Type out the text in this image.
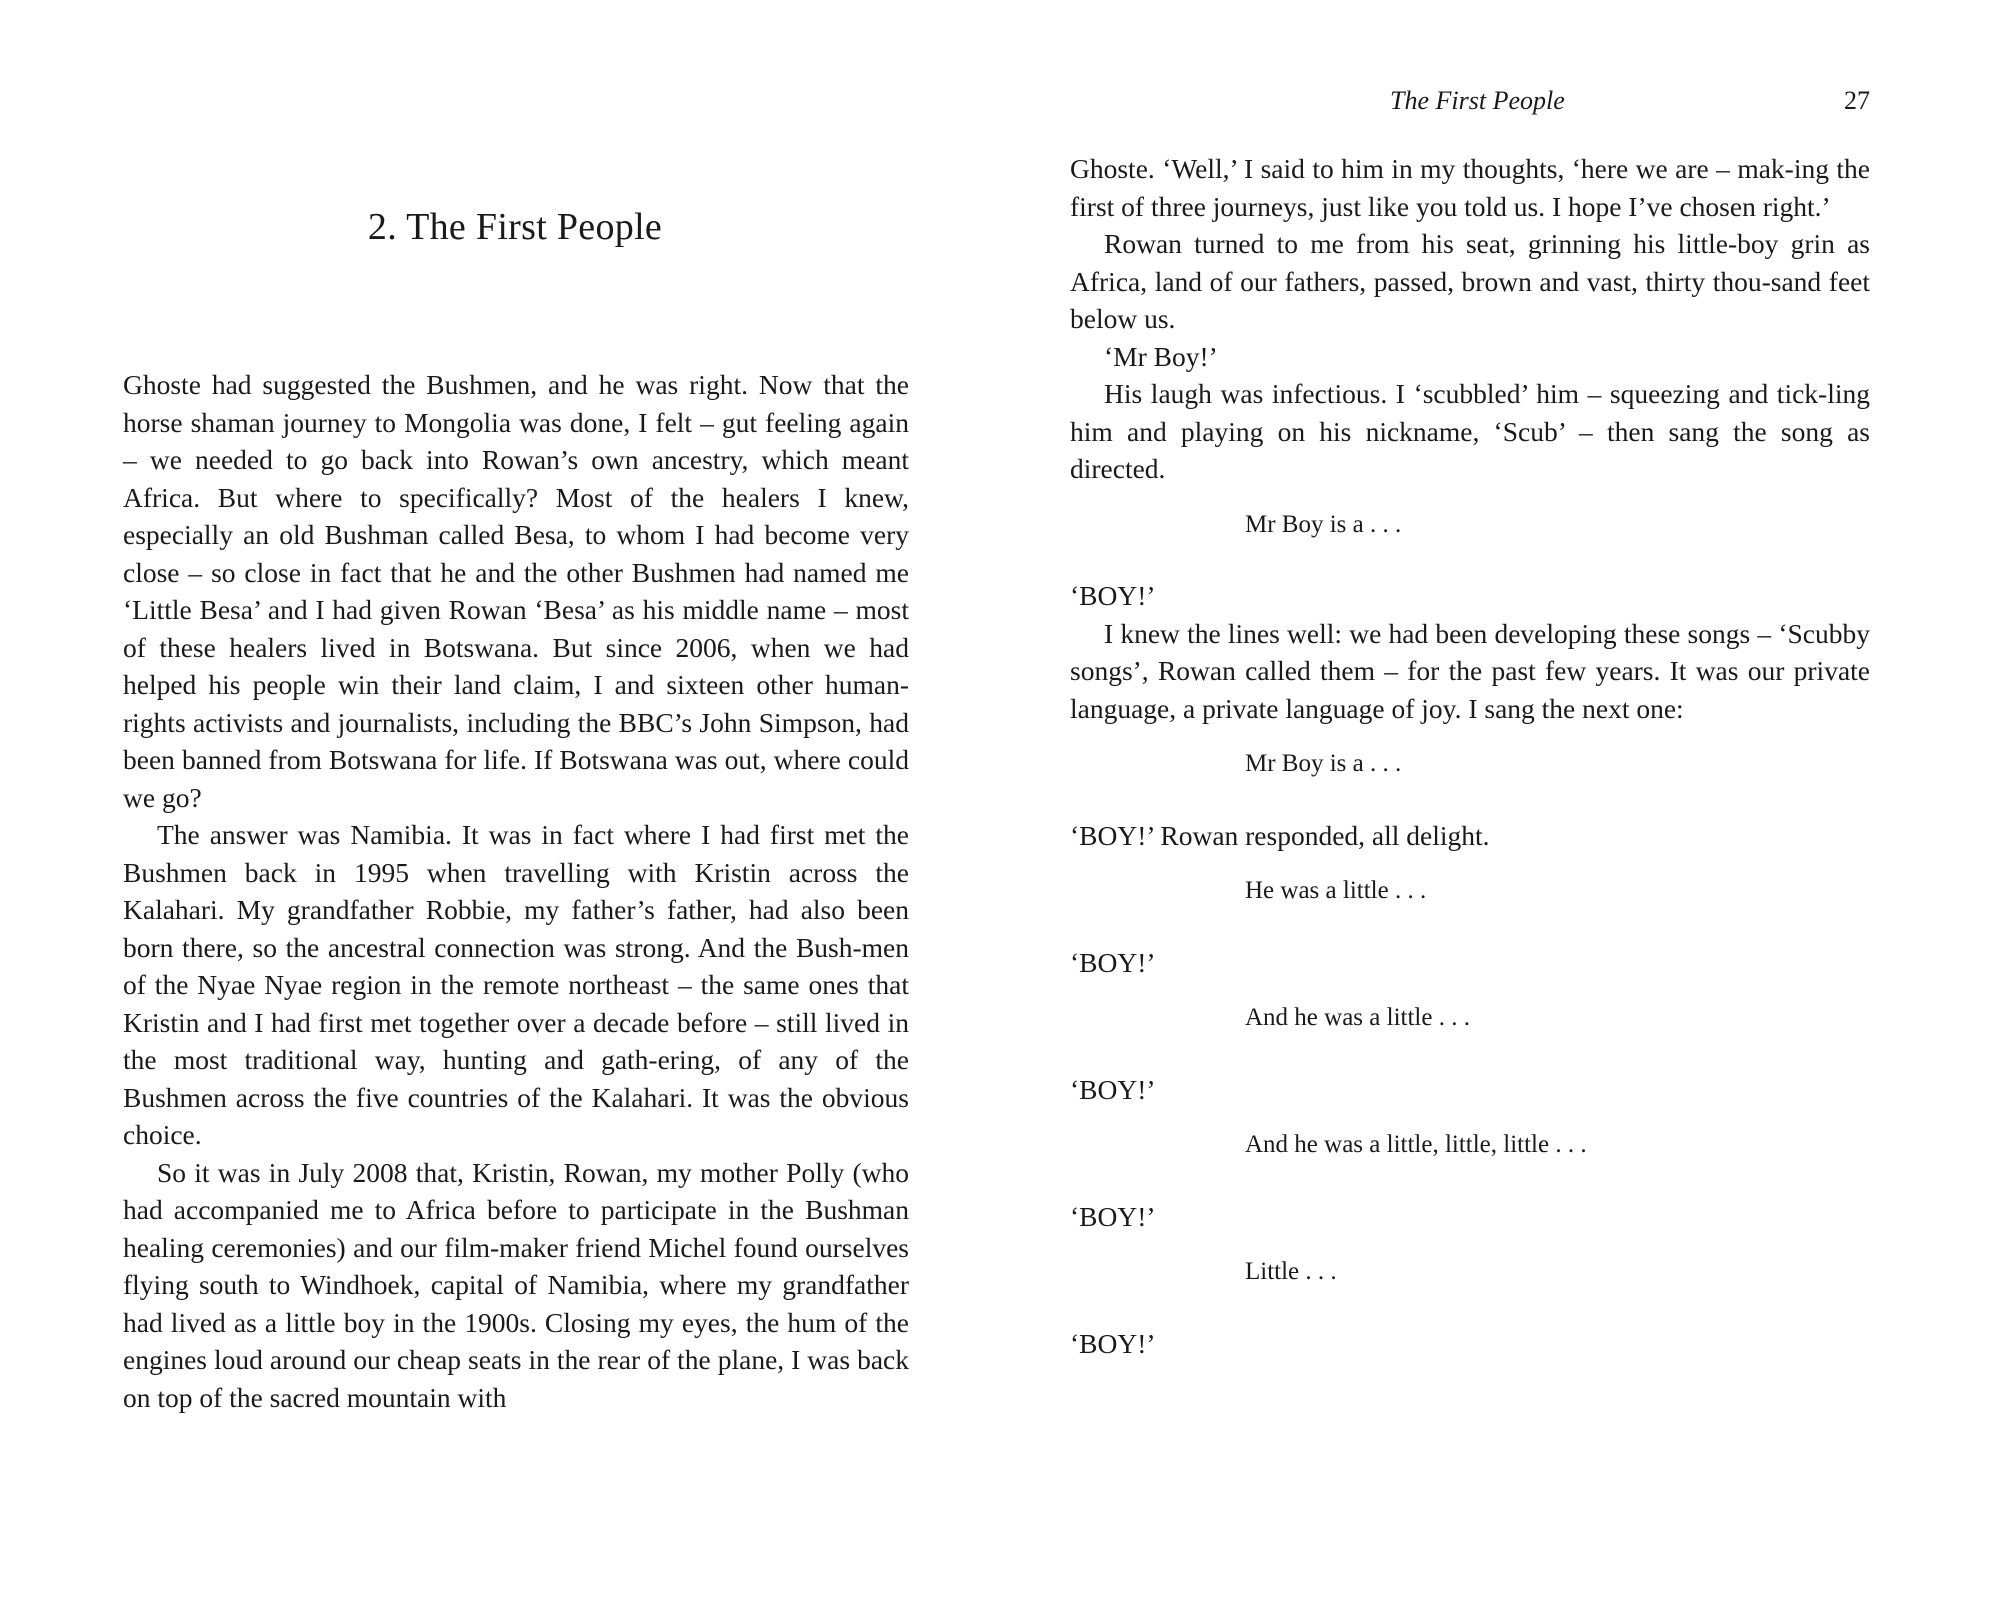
2. The First People

Ghoste had suggested the Bushmen, and he was right. Now that the horse shaman journey to Mongolia was done, I felt – gut feeling again – we needed to go back into Rowan’s own ancestry, which meant Africa. But where to specifically? Most of the healers I knew, especially an old Bushman called Besa, to whom I had become very close – so close in fact that he and the other Bushmen had named me ‘Little Besa’ and I had given Rowan ‘Besa’ as his middle name – most of these healers lived in Botswana. But since 2006, when we had helped his people win their land claim, I and sixteen other human-rights activists and journalists, including the BBC’s John Simpson, had been banned from Botswana for life. If Botswana was out, where could we go?

The answer was Namibia. It was in fact where I had first met the Bushmen back in 1995 when travelling with Kristin across the Kalahari. My grandfather Robbie, my father’s father, had also been born there, so the ancestral connection was strong. And the Bush-men of the Nyae Nyae region in the remote northeast – the same ones that Kristin and I had first met together over a decade before – still lived in the most traditional way, hunting and gath-ering, of any of the Bushmen across the five countries of the Kalahari. It was the obvious choice.

So it was in July 2008 that, Kristin, Rowan, my mother Polly (who had accompanied me to Africa before to participate in the Bushman healing ceremonies) and our film-maker friend Michel found ourselves flying south to Windhoek, capital of Namibia, where my grandfather had lived as a little boy in the 1900s. Closing my eyes, the hum of the engines loud around our cheap seats in the rear of the plane, I was back on top of the sacred mountain with

The First People	27

Ghoste. ‘Well,’ I said to him in my thoughts, ‘here we are – mak-ing the first of three journeys, just like you told us. I hope I’ve chosen right.’

Rowan turned to me from his seat, grinning his little-boy grin as Africa, land of our fathers, passed, brown and vast, thirty thou-sand feet below us.

‘Mr Boy!’

His laugh was infectious. I ‘scubbled’ him – squeezing and tick-ling him and playing on his nickname, ‘Scub’ – then sang the song as directed.

Mr Boy is a . . .
‘BOY!’

I knew the lines well: we had been developing these songs – ‘Scubby songs’, Rowan called them – for the past few years. It was our private language, a private language of joy. I sang the next one:

Mr Boy is a . . .
‘BOY!’ Rowan responded, all delight.
He was a little . . .
‘BOY!’
And he was a little . . .
‘BOY!’
And he was a little, little, little . . .
‘BOY!’
Little . . .
‘BOY!’
